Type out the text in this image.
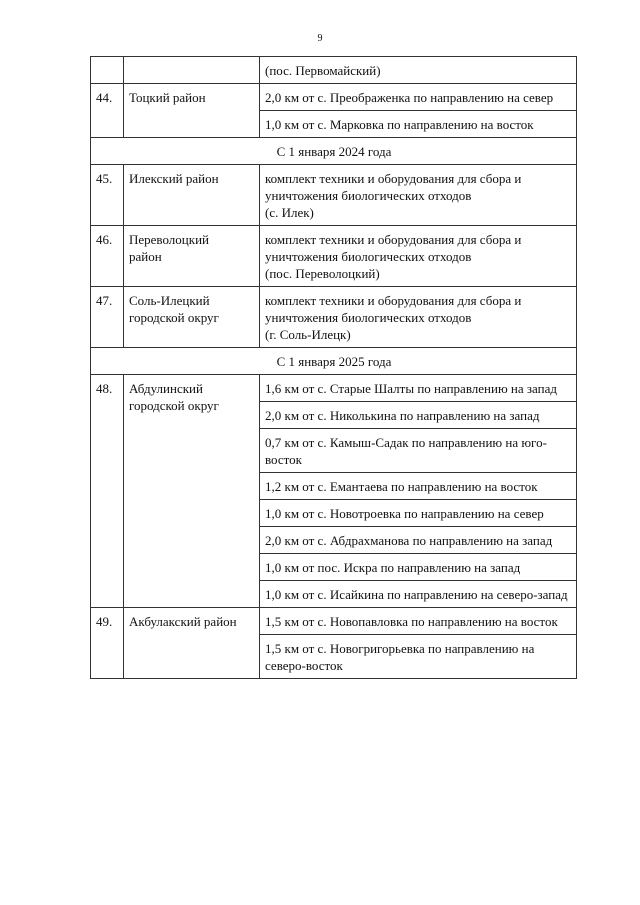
9
		(пос. Первомайский)
44.	Тоцкий район	2,0 км от с. Преображенка по направлению на север
		1,0 км от с. Марковка по направлению на восток
С 1 января 2024 года		
45.	Илекский район	комплект техники и оборудования для сбора и
уничтожения биологических отходов
(с. Илек)

46.	Переволоцкий
район	комплект техники и оборудования для сбора и
уничтожения биологических отходов
(пос. Переволоцкий)

47.	Соль-Илецкий
городской округ	комплект техники и оборудования для сбора и
уничтожения биологических отходов
(г. Соль-Илецк)

С 1 января 2025 года		
48.	Абдулинский
городской округ	1,6 км от с. Старые Шалты по направлению на запад
		2,0 км от с. Николькина по направлению на запад
		0,7 км от с. Камыш-Садак по направлению на юго-восток
		1,2 км от с. Емантаева по направлению на восток
		1,0 км от с. Новотроевка по направлению на север
		2,0 км от с. Абдрахманова по направлению на запад
		1,0 км от пос. Искра по направлению на запад
		1,0 км от с. Исайкина по направлению на северо-запад
49.	Акбулакский район	1,5 км от с. Новопавловка по направлению на восток
		1,5 км от с. Новогригорьевка по направлению на северо-восток
